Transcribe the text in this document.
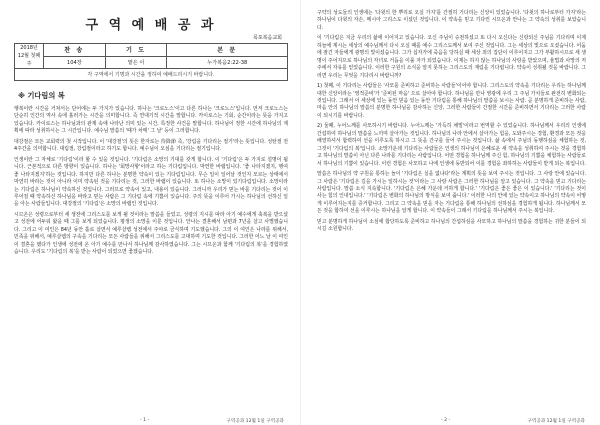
구 역 예 배 공 과
목포복음교회
2018년
12월 첫째 주	찬 송	기 도	본 문
	104장	맡은 이	누가복음2:22-38
각 구역에서 기명과 시간을 정하여 예배드리시기 바랍니다.			
※ 기다림의 복

행복이란 시간을 거쳐서는 단어에는 두 가지가 있습니다. 하나는 '크로노스'이고 다른 하나는 '크로노스'입니다. 먼저 크로노스는 단순히 인간의 역사 속에 흘러가는 시간을 의미합니다. 즉 연대기적 시간을 말합니다. 카이로스는 기회, 순간이라는 뜻을 가지고 있습니다. 카이로스는 하나님과의 관계 속에 나타난 의미 있는 시간, 특정한 사건을 말합니다. 하나님이 정한 시간에 하나님의 계획에 따라 성취하시는 그 시간입니다. 예수님 말씀의 '때가 차매' 그 날' 등이 그러합니다.

대강절은 모든 교회력의 첫 시작입니다. 이 '대강절'의 뜻은 한자로는 待降節 즉, '강림을 기다리는 절기'라는 뜻입니다. 성탄절 전 4주간을 의미합니다. 대림절, 강림절이라고 하기도 합니다. 예수님이 오심을 기다리는 절기입니다.

인생이란 그 자체로 '기다림'이라 할 수 있을 것입니다. '기다림은 소망의 기대를 갖게 합니다. 이 '기다림'은 두 가지로 설명이 됩니다. 근본적으로 다른 방향이 있습니다. 하나는 '회망사항'이라고 하는 기다림입니다. 막연한 바램입니다. '좋 나타지겠지, 행여 좋 나타지겠지'하는 것입니다. 하지만 다른 하나는 분명한 약속이 있는 기다림입니다. 무슨 일이 일어날 것인지 모르는 상태에서 막연히 바라는 것이 아니라 이미 약속된 것을 기다리는 것, 그러한 바램이 있습니다. 또 하나는 소망이 있기다림입니다. 소망이라는 기다림은 하나님이 약속하신 것입니다. 그러므로 약속이 있고, 내용이 있습니다. 그러니까 우리가 믿는 바를 기다리는 것이 이루어질 때 약속하신 하나님을 바라고 믿는 사람은 그 기다림 속에 기쁨이 있습니다. 주의 뜻을 이루어 가시는 하나님의 선하신 일을 아는 사람들입니다. 대강절의 '기다림'은 소망의 바램인 것입니다.

시므온은 성령으로부터 세 생전에 그리스도를 보게 될 것이라는 말씀을 들었고, 성령의 지시를 따라 아기 예수에게 축복을 받으셨고 성전에 어두워 왔을 때 그를 보게 되었습니다. 평생의 소망을 이룬 것입니다. 안나는 결혼해서 남편과 7년을 살고 사별했습니다. 그리고 이 여인은 84년 동안 홀로 살면서 예루살렘 성전에서 주야로 금식하며 기도했습니다. 그의 이 여인은 나라를 위해서, 민족을 위해서, 예루살렘의 구속을 기다리는 모든 사람들을 위해서 그리스도를 고대하며 기도한 것입니다. 그러한 어느 날 이 여인이 결혼을 했다가 인생에 성전에 온 아기 예수를 만나서 하나님께 감사하였습니다. 그는 시므온과 함께 '기다림의 복'을 경험하였습니다. 우리도 '기다림의 복'을 받는 사람이 되었으면 좋겠습니다.

- 1 -	구역공과 12월 1일 구역공과

구약의 성도들의 인생에는 '다윗의 한 뿌리로 오실 가지'를 간절히 기다리는 신앙이 있었습니다. '다윗의 하나로부터 가지'라는 하나님이 다윗의 자손, 메시아 그리스도 이셨던 것입니다. 이 약속을 믿고 기다린 시므온과 안나는 그 약속의 성취를 보았습니다.

이 '기다림은 지금 우리의 삶에 이어지고 있습니다. 오신 주님이 승천하셨고 또 다시 오신다는 신랑되신 주님을 기다리며 이제 하늘에 계시는 세상의 예수님께서 다시 오실 때를 예수 그리스도께서 보여 주신 것입니다. 그는 세상의 빛으로 오셨습니다. 어둠에 잠긴 자들에게 광명의 빛이셨습니다. 그가 십자가에 죽음을 당하실 때 세상 죄의 집단이 이루어지고 그가 부활하시므로 세 생명이 주어지므로 하나님의 자녀로 거듭을 이룰 자가 되었습니다. 이제는 하지 않는 하나님의 사랑을 받았으며, 율법과 사망의 저주에서 자유를 얻었습니다. 이러한 구원의 소식을 알지 못하는 그리스도의 재림을 기다립니다. 약속이 성취될 것을 바랍니다. 그러면 우리는 무엇을 기다리시 바랍니까?

1) 첫째, 이 기다리는 사람들은 '사모를 준비하고 준비하는 사람들'이어야 합니다. 그리스도의 약속을 기다리는 우리는 하나님께 대한 신앙이라는 '영적준비'가 '준비된 마음' 으로 살아야 합니다. 하나님을 만나 영광에 우리 그 주님 가치들로 완전히 변화되는 것입니다. 그래서 이 세상에 있는 동안 믿음 있는 동안 기다림을 통해 하나님의 말씀을 보시는 사람. 곧 분명하게 준비하는 사람, 마음 안의 하나님의 말씀의 분명한 하나님을 감사하는 신앙, 그러한 사람들이 간절한 시간을 준비하면서 기다리는 그러한 사람이 되시기를 바랍니다.

2) 둘째, 누어느께를 사모하시기 바랍니다. 누어느께는 '가득히 채빌'이라고 번역할 수 있었습니다. 하나님께서 우리의 인생에 간섭하여 하나님의 말씀을 느끼며 살아가는 것입니다. 하나님의 나라 안에서 살아가는 힘을, 도와주시는 경험, 환경과 모든 것을 배열하셔서 합력하여 선을 이루도록 하시고 그 뜻을 간구를 들어 주시는 것입니다. 삶 속에서 주님의 동행하심을 체험하는 것, 그것이 '기다림의 복'입니다. 소망가운데 기다리는 사람들은 인생의 하나님이 은혜로운 새 약속을 성취하여 주시는 것을 경험하고 하나님의 말씀이 아닌 다른 나라를 기다리는 사람입니다. 어떤 경험을 하나님께 주신 힘, 하나님의 기쁨을 체험하는 사람들로서 하나님의 기쁨이 있습니다. 이런 경험은 사모하고 나에 인생에 동반되어 이를 경험을 좌하하는 사람들이 받게 되는 복입니다.

말씀은 하나님의 약 구원을 통하는 놀이 '기다림은 실을 없냐다'라는 계획의 뜻을 보여 주시는 것입니다. 그 사랑 안에 있습니다. 그 사람은 '기다림은 길을 가시는 일하시는 것'이라는 그 사랑 사람은 그러한 하나님을 알고 있습니다. 그 약속을 믿고 기다리는 사람입니다. 말씀 소식 지속합니다. '기다림은 은혜 가운데 거하게 합니다.' '기다림은 좋은 좋은 이 있습니다.' '기다리는 것이 사는 힘의 인내입니다.' '기다림은 변화의 하나님의 방식을 보여 줍니다.' 이러한 나의 안에 있는 약속이고 하나님의 약속이 어떻게 이루어지는지를 증거합니다. 그리고 그 약속을 믿을 자는 기다림을 통해 하나님의 선하심을 경험하게 됩니다. 하나님께서 모든 것을 합하여 선을 이루시는 하나님을 알게 합니다. 이 약속들이 그래서 기다림을 하나님께서 주시는 복입니다.

믿고 분명하게 하나님이 소심에 합당하도록 준비하고 하나님의 간섭하심을 사모하고 하나님의 말씀을 경험하는 귀한 분들이 되시길 소원합니다.

- 2 -	구역공과 12월 1일 구역공과
